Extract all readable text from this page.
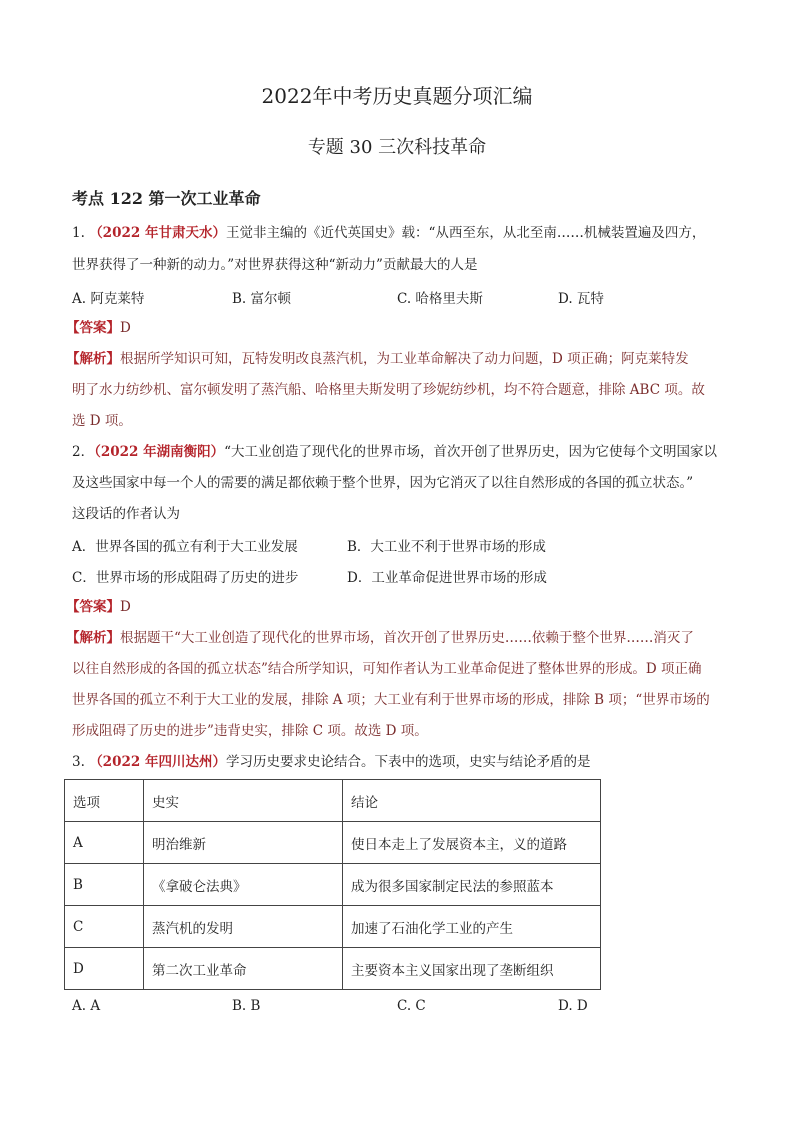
2022年中考历史真题分项汇编
专题 30 三次科技革命
考点 122 第一次工业革命
1. （2022 年甘肃天水）王觉非主编的《近代英国史》载：“从西至东，从北至南……机械装置遍及四方，
世界获得了一种新的动力。”对世界获得这种“新动力”贡献最大的人是
A. 阿克莱特	B. 富尔顿	C. 哈格里夫斯	D. 瓦特
【答案】D
【解析】根据所学知识可知，瓦特发明改良蒸汽机，为工业革命解决了动力问题，D 项正确；阿克莱特发
明了水力纺纱机、富尔顿发明了蒸汽船、哈格里夫斯发明了珍妮纺纱机，均不符合题意，排除 ABC 项。故
选 D 项。
2．（2022 年湖南衡阳）“大工业创造了现代化的世界市场，首次开创了世界历史，因为它使每个文明国家以
及这些国家中每一个人的需要的满足都依赖于整个世界，因为它消灭了以往自然形成的各国的孤立状态。”
这段话的作者认为
A．世界各国的孤立有利于大工业发展	B．大工业不利于世界市场的形成
C．世界市场的形成阻碍了历史的进步	D．工业革命促进世界市场的形成
【答案】D
【解析】根据题干“大工业创造了现代化的世界市场，首次开创了世界历史……依赖于整个世界……消灭了
以往自然形成的各国的孤立状态”结合所学知识，可知作者认为工业革命促进了整体世界的形成。D 项正确
世界各国的孤立不利于大工业的发展，排除 A 项；大工业有利于世界市场的形成，排除 B 项；“世界市场的
形成阻碍了历史的进步”违背史实，排除 C 项。故选 D 项。
3. （2022 年四川达州）学习历史要求史论结合。下表中的选项，史实与结论矛盾的是
选项	史实	结论
A	明治维新	使日本走上了发展资本主，义的道路
B	《拿破仑法典》	成为很多国家制定民法的参照蓝本
C	蒸汽机的发明	加速了石油化学工业的产生
D	第二次工业革命	主要资本主义国家出现了垄断组织
A. A	B. B	C. C	D. D
